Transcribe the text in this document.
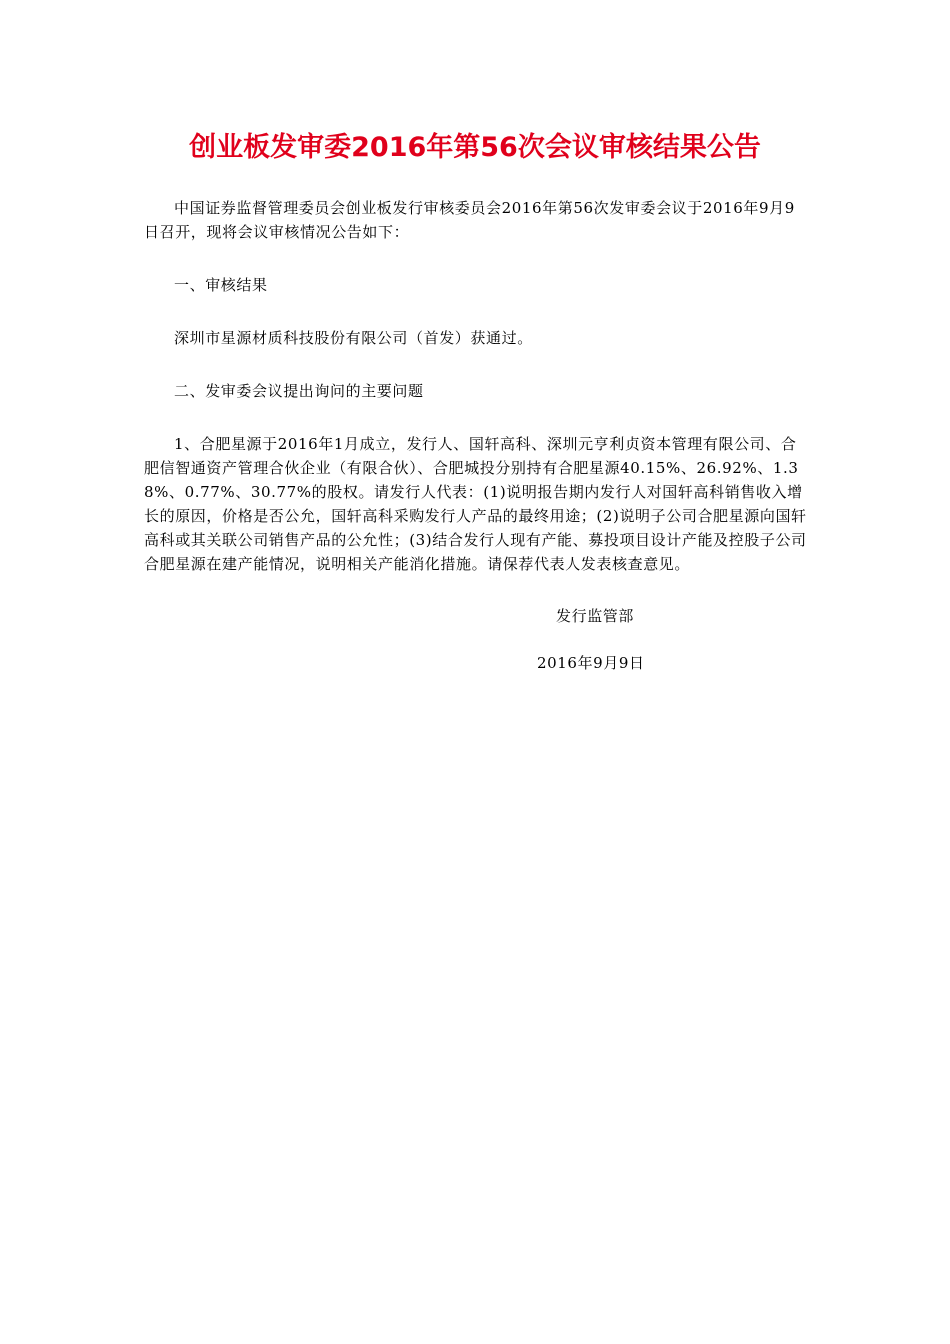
创业板发审委2016年第56次会议审核结果公告

中国证券监督管理委员会创业板发行审核委员会2016年第56次发审委会议于2016年9月9日召开，现将会议审核情况公告如下：

一、审核结果

深圳市星源材质科技股份有限公司（首发）获通过。

二、发审委会议提出询问的主要问题

1、合肥星源于2016年1月成立，发行人、国轩高科、深圳元亨利贞资本管理有限公司、合肥信智通资产管理合伙企业（有限合伙）、合肥城投分别持有合肥星源40.15%、26.92%、1.38%、0.77%、30.77%的股权。请发行人代表：(1)说明报告期内发行人对国轩高科销售收入增长的原因，价格是否公允，国轩高科采购发行人产品的最终用途；(2)说明子公司合肥星源向国轩高科或其关联公司销售产品的公允性；(3)结合发行人现有产能、募投项目设计产能及控股子公司合肥星源在建产能情况，说明相关产能消化措施。请保荐代表人发表核查意见。

发行监管部
2016年9月9日
